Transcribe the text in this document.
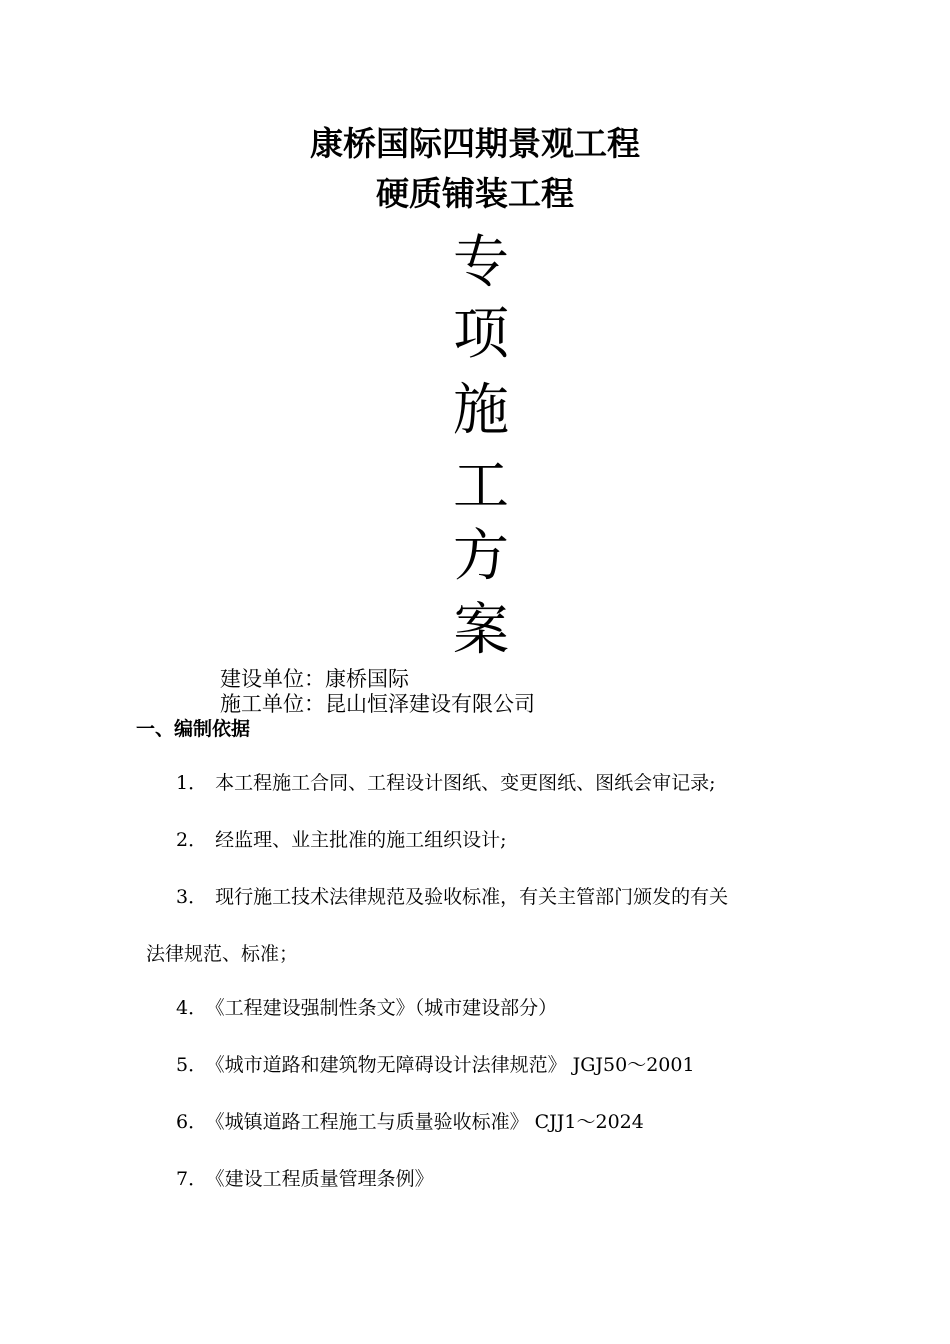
康桥国际四期景观工程
硬质铺装工程
专
项
施
工
方
案
建设单位：康桥国际
施工单位：昆山恒泽建设有限公司
一、编制依据
1． 本工程施工合同、工程设计图纸、变更图纸、图纸会审记录;
2． 经监理、业主批准的施工组织设计;
3． 现行施工技术法律规范及验收标准，有关主管部门颁发的有关
法律规范、标准；
4． 《工程建设强制性条文》（城市建设部分）
5． 《城市道路和建筑物无障碍设计法律规范》 JGJ50～2001
6． 《城镇道路工程施工与质量验收标准》 CJJ1～2024
7． 《建设工程质量管理条例》
